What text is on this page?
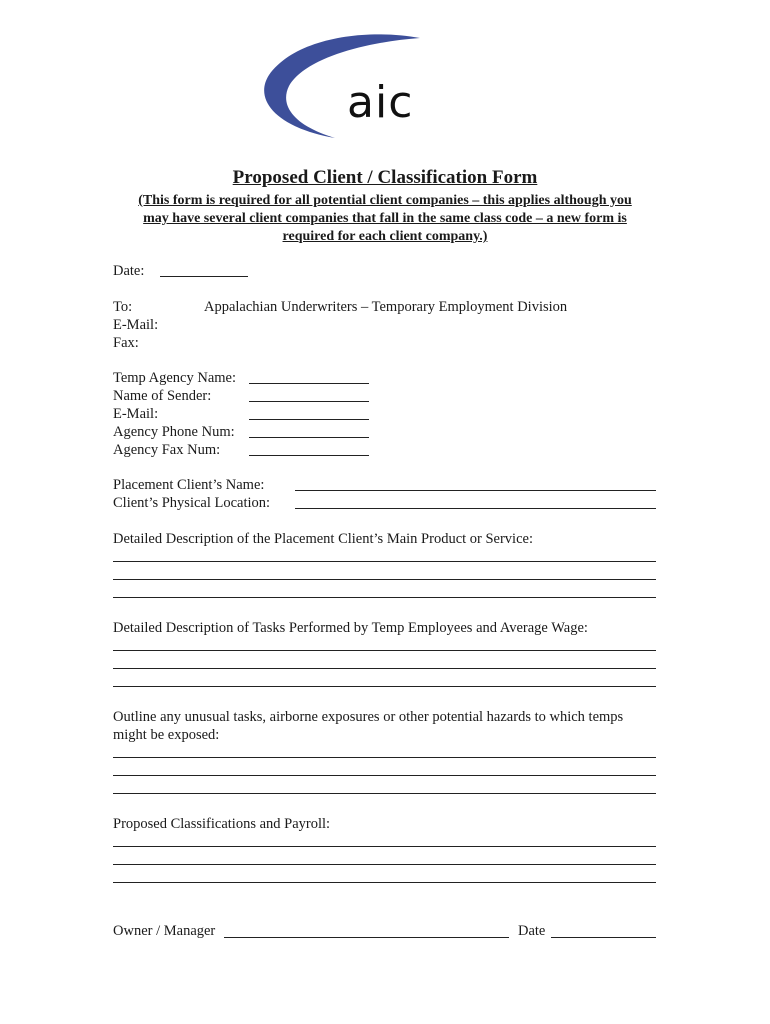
aic
Proposed Client / Classification Form
(This form is required for all potential client companies – this applies although you
may have several client companies that fall in the same class code – a new form is
required for each client company.)
Date:
To:	Appalachian Underwriters – Temporary Employment Division
E-Mail:
Fax:
Temp Agency Name:
Name of Sender:
E-Mail:
Agency Phone Num:
Agency Fax Num:
Placement Client’s Name:
Client’s Physical Location:
Detailed Description of the Placement Client’s Main Product or Service:
Detailed Description of Tasks Performed by Temp Employees and Average Wage:
Outline any unusual tasks, airborne exposures or other potential hazards to which temps
might be exposed:
Proposed Classifications and Payroll:
Owner / Manager	Date
